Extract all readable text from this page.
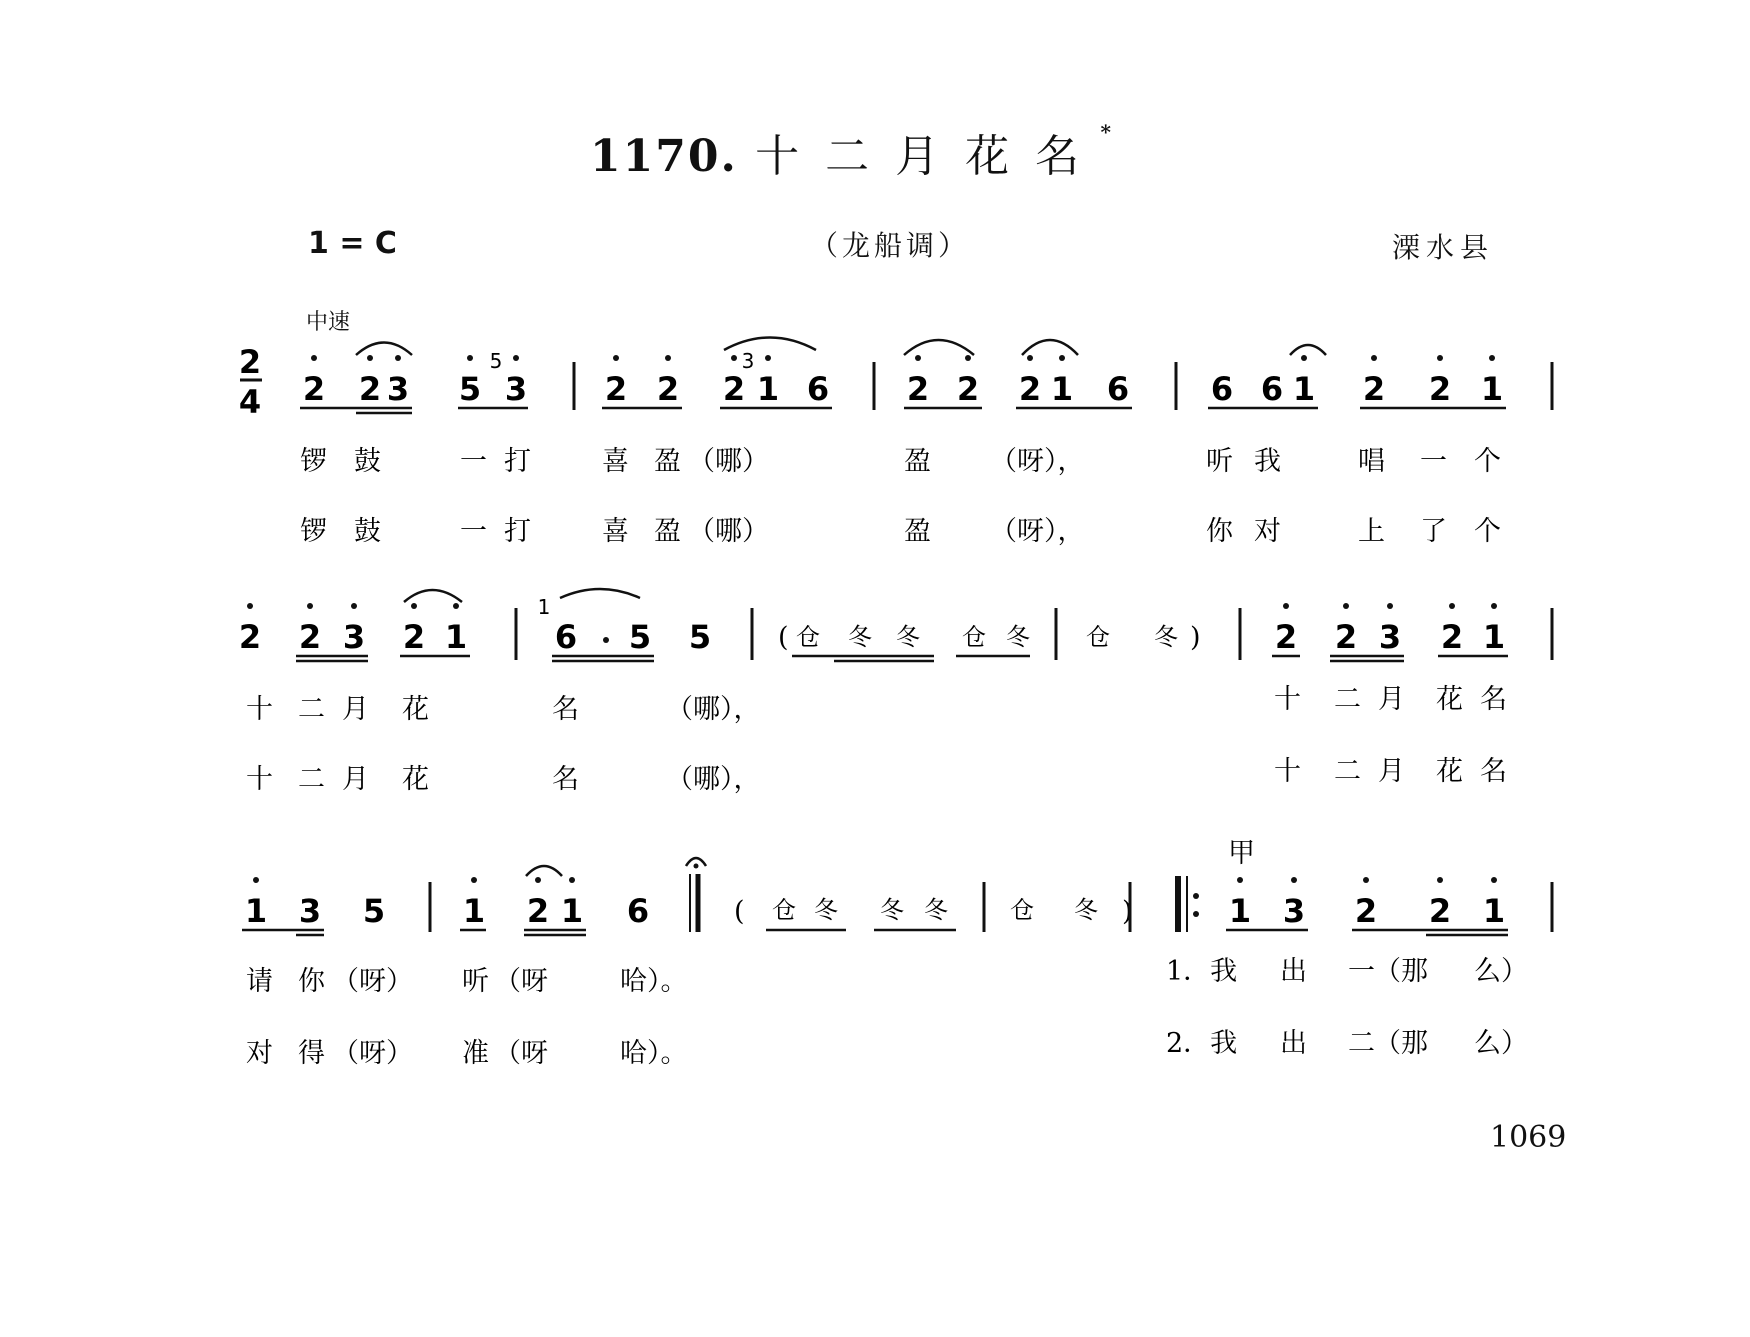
1170. 十二月花名 *
1 = C	（龙船调）	溧水县
中速
2
4 2 2 3 5 3 2 2 2 1 6 2 2 2 1 6	6 6 1 2 2 1
5	3
锣 鼓	一 打	喜 盈 （哪）	盈 （呀），	听 我	唱 一 个
锣 鼓	一 打	喜 盈 （哪）	盈 （呀），	你 对	上 了 个
2 2 3 2 1	6 5 5
1
仓 冬 冬 仓 冬 仓 冬
(	) 2 2 3 2 1
十 二 月 花	名	（哪），	十 二 月 花 名
十 二 月 花	名	（哪），	十 二 月 花 名
1 3 5 1 2 1 6	( 仓 冬 冬 冬	仓 冬 )
甲
1 3 2 2 1
请 你 （呀） 听 （呀	哈）。	1．我 出 一 （那 么）
对 得 （呀） 准 （呀	哈）。	2．我 出 二 （那 么）
1069
